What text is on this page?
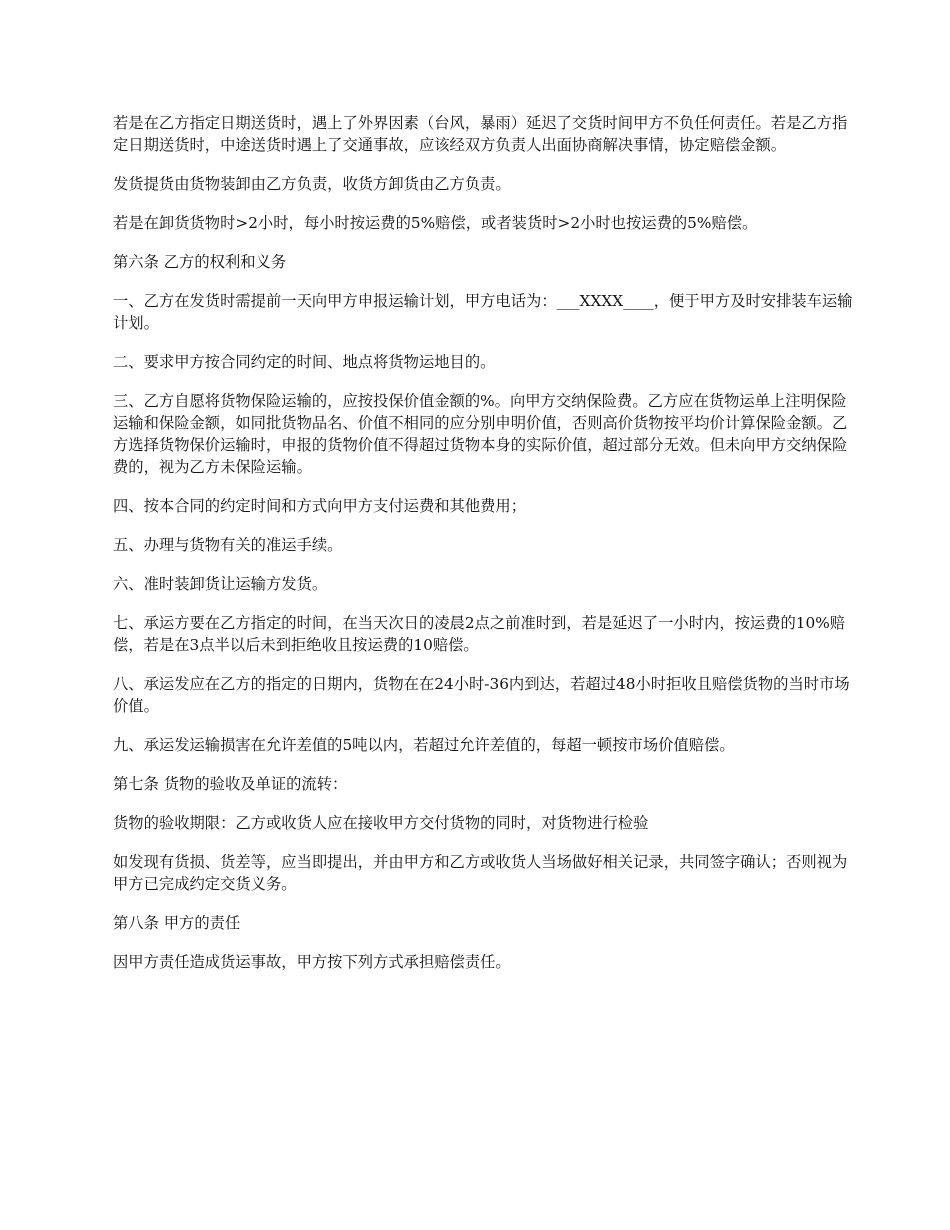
若是在乙方指定日期送货时，遇上了外界因素（台风，暴雨）延迟了交货时间甲方不负任何责任。若是乙方指定日期送货时，中途送货时遇上了交通事故，应该经双方负责人出面协商解决事情，协定赔偿金额。

发货提货由货物装卸由乙方负责，收货方卸货由乙方负责。

若是在卸货货物时>2小时，每小时按运费的5%赔偿，或者装货时>2小时也按运费的5%赔偿。

第六条 乙方的权利和义务

一、乙方在发货时需提前一天向甲方申报运输计划，甲方电话为：___XXXX____，便于甲方及时安排装车运输计划。

二、要求甲方按合同约定的时间、地点将货物运地目的。

三、乙方自愿将货物保险运输的，应按投保价值金额的%。向甲方交纳保险费。乙方应在货物运单上注明保险运输和保险金额，如同批货物品名、价值不相同的应分别申明价值，否则高价货物按平均价计算保险金额。乙方选择货物保价运输时，申报的货物价值不得超过货物本身的实际价值，超过部分无效。但未向甲方交纳保险费的，视为乙方未保险运输。

四、按本合同的约定时间和方式向甲方支付运费和其他费用；

五、办理与货物有关的准运手续。

六、准时装卸货让运输方发货。

七、承运方要在乙方指定的时间，在当天次日的凌晨2点之前准时到，若是延迟了一小时内，按运费的10%赔偿，若是在3点半以后未到拒绝收且按运费的10赔偿。

八、承运发应在乙方的指定的日期内，货物在在24小时-36内到达，若超过48小时拒收且赔偿货物的当时市场价值。

九、承运发运输损害在允许差值的5吨以内，若超过允许差值的，每超一顿按市场价值赔偿。

第七条 货物的验收及单证的流转：

货物的验收期限：乙方或收货人应在接收甲方交付货物的同时，对货物进行检验

如发现有货损、货差等，应当即提出，并由甲方和乙方或收货人当场做好相关记录，共同签字确认；否则视为甲方已完成约定交货义务。

第八条 甲方的责任

因甲方责任造成货运事故，甲方按下列方式承担赔偿责任。
